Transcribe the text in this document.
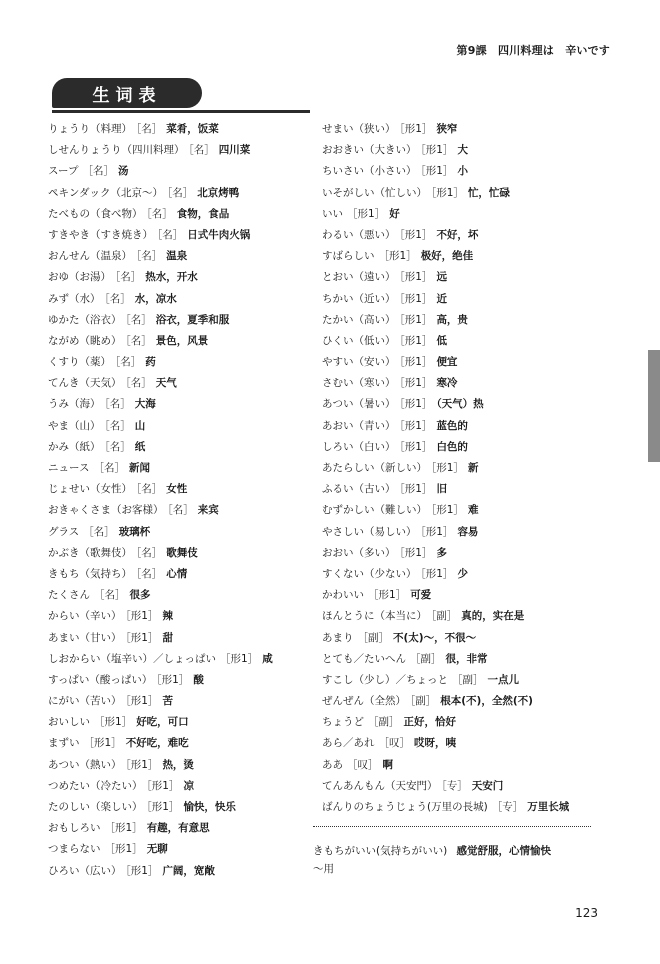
第9課　四川料理は　辛いです
生词表
りょうり（料理） ［名］ 菜肴，饭菜
しせんりょうり（四川料理） ［名］ 四川菜
スープ ［名］ 汤
ペキンダック（北京～） ［名］ 北京烤鸭
たべもの（食べ物） ［名］ 食物，食品
すきやき（すき焼き） ［名］ 日式牛肉火锅
おんせん（温泉） ［名］ 温泉
おゆ（お湯） ［名］ 热水，开水
みず（水） ［名］ 水，凉水
ゆかた（浴衣） ［名］ 浴衣，夏季和服
ながめ（眺め） ［名］ 景色，风景
くすり（薬） ［名］ 药
てんき（天気） ［名］ 天气
うみ（海） ［名］ 大海
やま（山） ［名］ 山
かみ（紙） ［名］ 纸
ニュース ［名］ 新闻
じょせい（女性） ［名］ 女性
おきゃくさま（お客様） ［名］ 来宾
グラス ［名］ 玻璃杯
かぶき（歌舞伎） ［名］ 歌舞伎
きもち（気持ち） ［名］ 心情
たくさん ［名］ 很多
からい（辛い） ［形1］ 辣
あまい（甘い） ［形1］ 甜
しおからい（塩辛い）／しょっぱい ［形1］ 咸
すっぱい（酸っぱい） ［形1］ 酸
にがい（苦い） ［形1］ 苦
おいしい ［形1］ 好吃，可口
まずい ［形1］ 不好吃，难吃
あつい（熱い） ［形1］ 热，烫
つめたい（冷たい） ［形1］ 凉
たのしい（楽しい） ［形1］ 愉快，快乐
おもしろい ［形1］ 有趣，有意思
つまらない ［形1］ 无聊
ひろい（広い） ［形1］ 广阔，宽敞
せまい（狭い） ［形1］ 狭窄
おおきい（大きい） ［形1］ 大
ちいさい（小さい） ［形1］ 小
いそがしい（忙しい） ［形1］ 忙，忙碌
いい ［形1］ 好
わるい（悪い） ［形1］ 不好，坏
すばらしい ［形1］ 极好，绝佳
とおい（遠い） ［形1］ 远
ちかい（近い） ［形1］ 近
たかい（高い） ［形1］ 高，贵
ひくい（低い） ［形1］ 低
やすい（安い） ［形1］ 便宜
さむい（寒い） ［形1］ 寒冷
あつい（暑い） ［形1］ （天气）热
あおい（青い） ［形1］ 蓝色的
しろい（白い） ［形1］ 白色的
あたらしい（新しい） ［形1］ 新
ふるい（古い） ［形1］ 旧
むずかしい（難しい） ［形1］ 难
やさしい（易しい） ［形1］ 容易
おおい（多い） ［形1］ 多
すくない（少ない） ［形1］ 少
かわいい ［形1］ 可爱
ほんとうに（本当に） ［副］ 真的，实在是
あまり ［副］ 不(太)～，不很～
とても／たいへん ［副］ 很，非常
すこし（少し）／ちょっと ［副］ 一点儿
ぜんぜん（全然） ［副］ 根本(不)，全然(不)
ちょうど ［副］ 正好，恰好
あら／あれ ［叹］ 哎呀，咦
ああ ［叹］ 啊
てんあんもん（天安門） ［专］ 天安门
ばんりのちょうじょう(万里の長城) ［专］ 万里长城
きもちがいい(気持ちがいい) 感觉舒服，心情愉快
～用
123
